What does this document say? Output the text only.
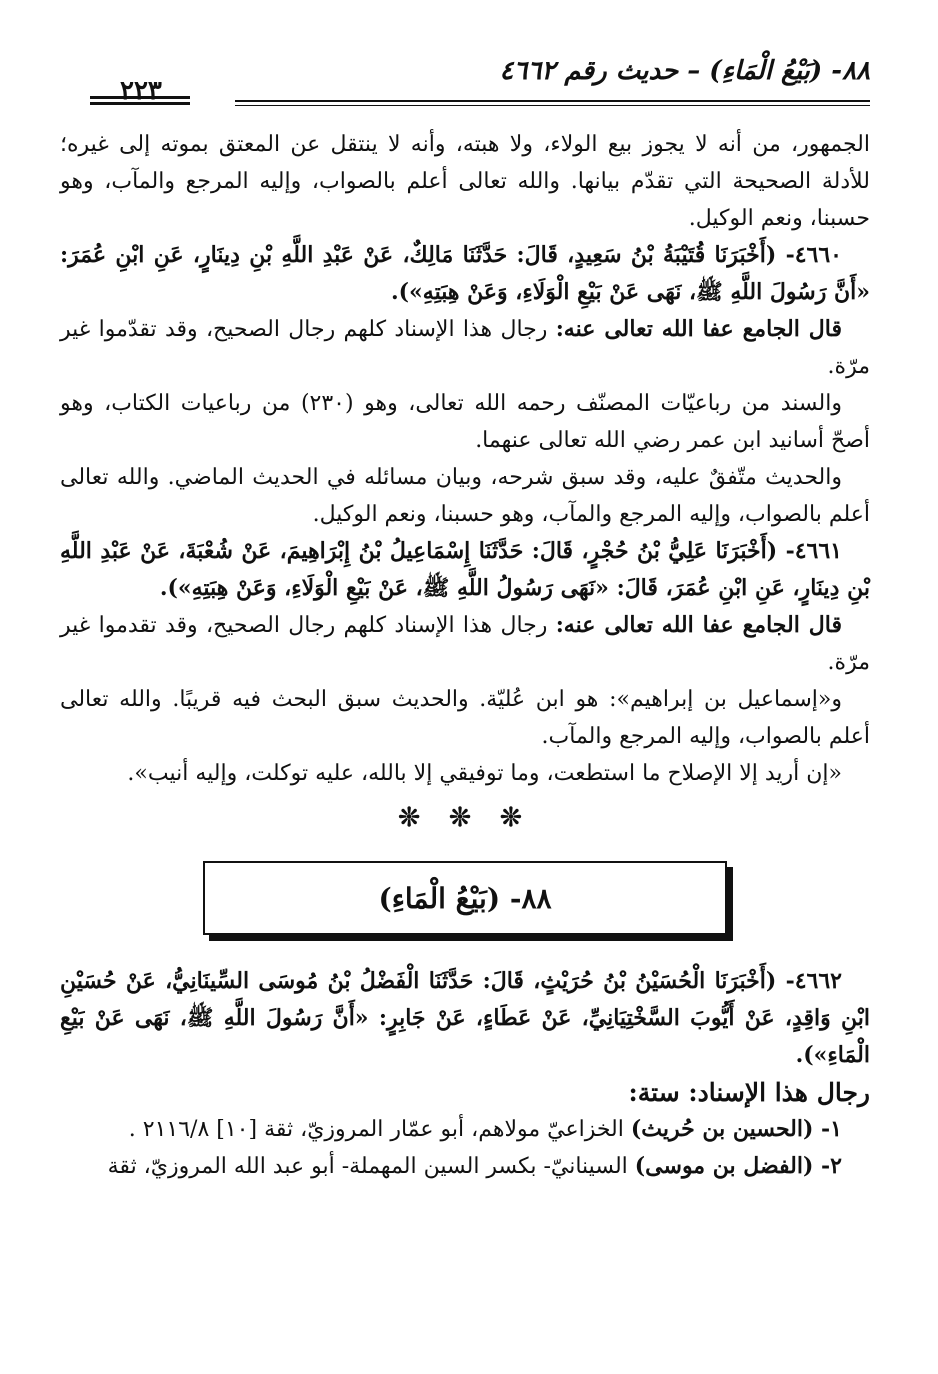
٨٨- (بَيْعُ الْمَاءِ) – حديث رقم ٤٦٦٢
٢٢٣

الجمهور، من أنه لا يجوز بيع الولاء، ولا هبته، وأنه لا ينتقل عن المعتق بموته إلى غيره؛ للأدلة الصحيحة التي تقدّم بيانها. والله تعالى أعلم بالصواب، وإليه المرجع والمآب، وهو حسبنا، ونعم الوكيل.

٤٦٦٠- (أَخْبَرَنَا قُتَيْبَةُ بْنُ سَعِيدٍ، قَالَ: حَدَّثَنَا مَالِكٌ، عَنْ عَبْدِ اللَّهِ بْنِ دِينَارٍ، عَنِ ابْنِ عُمَرَ: «أَنَّ رَسُولَ اللَّهِ ﷺ، نَهَى عَنْ بَيْعِ الْوَلَاءِ، وَعَنْ هِبَتِهِ»).

قال الجامع عفا الله تعالى عنه: رجال هذا الإسناد كلهم رجال الصحيح، وقد تقدّموا غير مرّة.

والسند من رباعيّات المصنّف رحمه الله تعالى، وهو (٢٣٠) من رباعيات الكتاب، وهو أصحّ أسانيد ابن عمر رضي الله تعالى عنهما.

والحديث متّفقٌ عليه، وقد سبق شرحه، وبيان مسائله في الحديث الماضي. والله تعالى أعلم بالصواب، وإليه المرجع والمآب، وهو حسبنا، ونعم الوكيل.

٤٦٦١- (أَخْبَرَنَا عَلِيُّ بْنُ حُجْرٍ، قَالَ: حَدَّثَنَا إِسْمَاعِيلُ بْنُ إِبْرَاهِيمَ، عَنْ شُعْبَةَ، عَنْ عَبْدِ اللَّهِ بْنِ دِينَارٍ، عَنِ ابْنِ عُمَرَ، قَالَ: «نَهَى رَسُولُ اللَّهِ ﷺ، عَنْ بَيْعِ الْوَلَاءِ، وَعَنْ هِبَتِهِ»).

قال الجامع عفا الله تعالى عنه: رجال هذا الإسناد كلهم رجال الصحيح، وقد تقدموا غير مرّة.

و«إسماعيل بن إبراهيم»: هو ابن عُليّة. والحديث سبق البحث فيه قريبًا. والله تعالى أعلم بالصواب، وإليه المرجع والمآب.

«إن أريد إلا الإصلاح ما استطعت، وما توفيقي إلا بالله، عليه توكلت، وإليه أنيب».

❊ ❊ ❊
٨٨- (بَيْعُ الْمَاءِ)

٤٦٦٢- (أَخْبَرَنَا الْحُسَيْنُ بْنُ حُرَيْثٍ، قَالَ: حَدَّثَنَا الْفَضْلُ بْنُ مُوسَى السِّينَانِيُّ، عَنْ حُسَيْنِ ابْنِ وَاقِدٍ، عَنْ أَيُّوبَ السَّخْتِيَانِيِّ، عَنْ عَطَاءٍ، عَنْ جَابِرٍ: «أَنَّ رَسُولَ اللَّهِ ﷺ، نَهَى عَنْ بَيْعِ الْمَاءِ»).

رجال هذا الإسناد: ستة:

١- (الحسين بن حُريث) الخزاعيّ مولاهم، أبو عمّار المروزيّ، ثقة [١٠] ٢١١٦/٨ .

٢- (الفضل بن موسى) السينانيّ- بكسر السين المهملة- أبو عبد الله المروزيّ، ثقة
